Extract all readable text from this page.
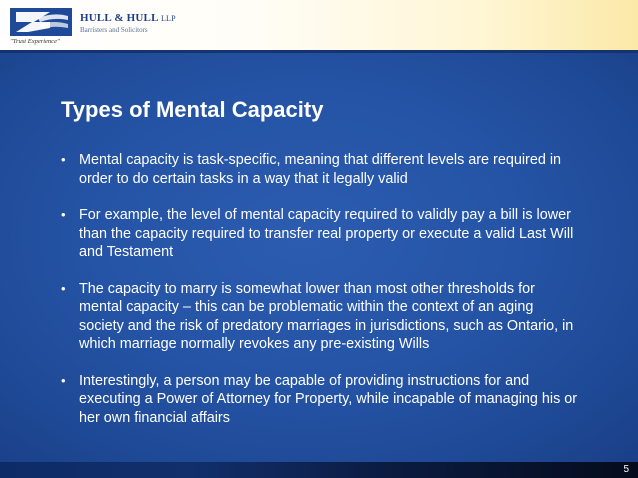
HULL & HULL LLP
Barristers and Solicitors
"Trust Experience"
Types of Mental Capacity
• Mental capacity is task-specific, meaning that different levels are required in order to do certain tasks in a way that it legally valid
• For example, the level of mental capacity required to validly pay a bill is lower than the capacity required to transfer real property or execute a valid Last Will and Testament
• The capacity to marry is somewhat lower than most other thresholds for mental capacity – this can be problematic within the context of an aging society and the risk of predatory marriages in jurisdictions, such as Ontario, in which marriage normally revokes any pre-existing Wills
• Interestingly, a person may be capable of providing instructions for and executing a Power of Attorney for Property, while incapable of managing his or her own financial affairs
5
